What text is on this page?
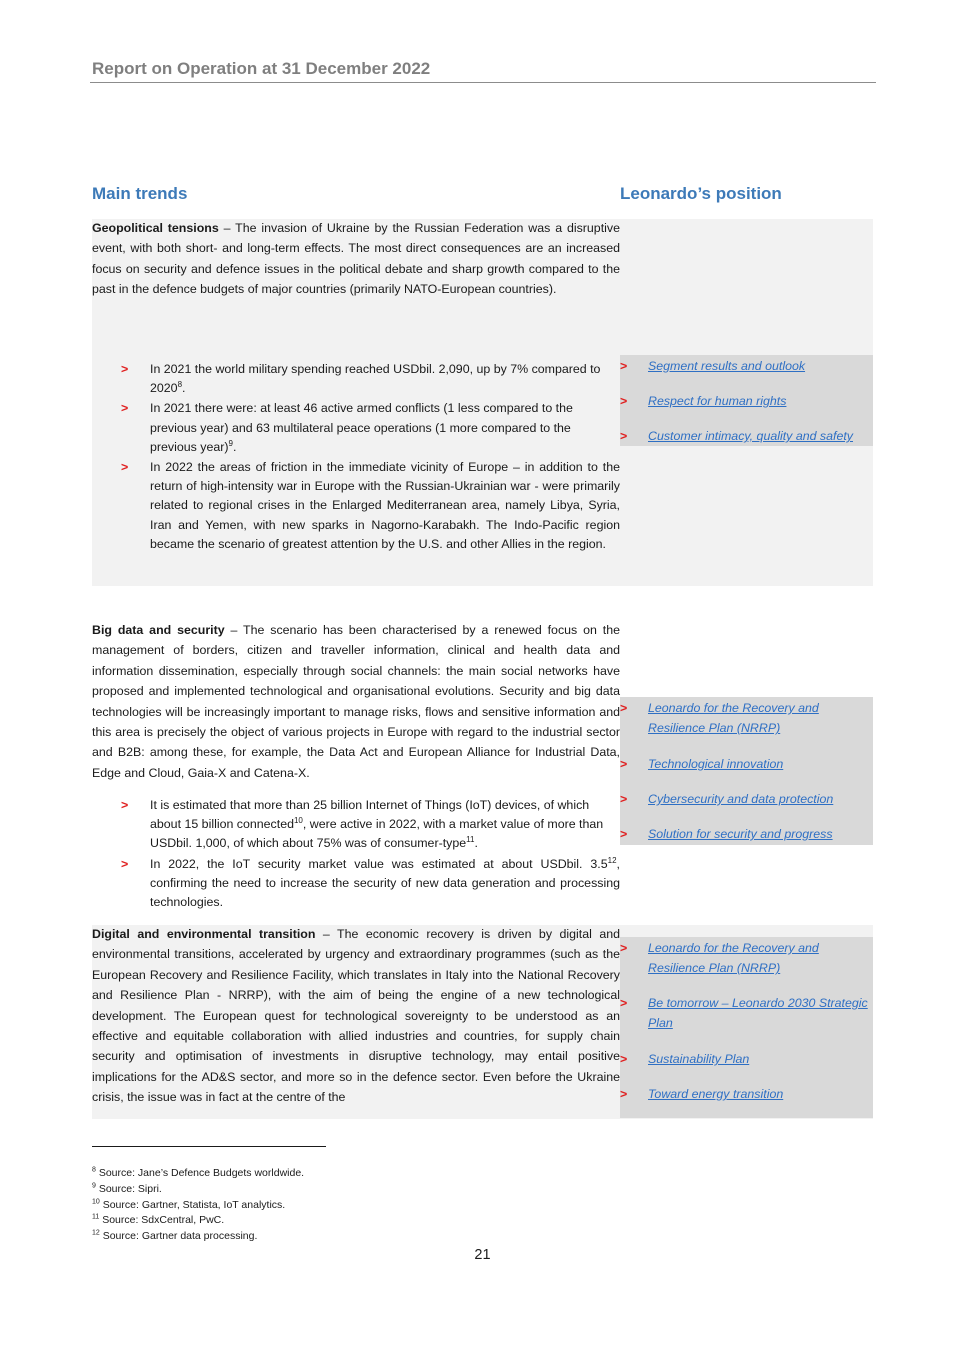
Report on Operation at 31 December 2022
Main trends	Leonardo’s position
Geopolitical tensions – The invasion of Ukraine by the Russian Federation was a disruptive event, with both short- and long-term effects. The most direct consequences are an increased focus on security and defence issues in the political debate and sharp growth compared to the past in the defence budgets of major countries (primarily NATO-European countries).
> Segment results and outlook
> Respect for human rights
> Customer intimacy, quality and safety
> In 2021 the world military spending reached USDbil. 2,090, up by 7% compared to $2020^8$.
> In 2021 there were: at least 46 active armed conflicts (1 less compared to the previous year) and 63 multilateral peace operations (1 more compared to the previous year)$^9$.
> In 2022 the areas of friction in the immediate vicinity of Europe – in addition to the return of high-intensity war in Europe with the Russian-Ukrainian war - were primarily related to regional crises in the Enlarged Mediterranean area, namely Libya, Syria, Iran and Yemen, with new sparks in Nagorno-Karabakh. The Indo-Pacific region became the scenario of greatest attention by the U.S. and other Allies in the region.
Big data and security – The scenario has been characterised by a renewed focus on the management of borders, citizen and traveller information, clinical and health data and information dissemination, especially through social channels: the main social networks have proposed and implemented technological and organisational evolutions. Security and big data technologies will be increasingly important to manage risks, flows and sensitive information and this area is precisely the object of various projects in Europe with regard to the industrial sector and B2B: among these, for example, the Data Act and European Alliance for Industrial Data, Edge and Cloud, Gaia-X and Catena-X.
> Leonardo for the Recovery and Resilience Plan (NRRP)
> Technological innovation
> Cybersecurity and data protection
> Solution for security and progress
> It is estimated that more than 25 billion Internet of Things (IoT) devices, of which about 15 billion connected$^{10}$, were active in 2022, with a market value of more than USDbil. 1,000, of which about 75% was of consumer-type$^{11}$.
> In 2022, the IoT security market value was estimated at about USDbil. $3.5^{12}$, confirming the need to increase the security of new data generation and processing technologies.
Digital and environmental transition – The economic recovery is driven by digital and environmental transitions, accelerated by urgency and extraordinary programmes (such as the European Recovery and Resilience Facility, which translates in Italy into the National Recovery and Resilience Plan - NRRP), with the aim of being the engine of a new technological development. The European quest for technological sovereignty to be understood as an effective and equitable collaboration with allied industries and countries, for supply chain security and optimisation of investments in disruptive technology, may entail positive implications for the AD&S sector, and more so in the defence sector. Even before the Ukraine crisis, the issue was in fact at the centre of the
> Leonardo for the Recovery and Resilience Plan (NRRP)
> Be tomorrow – Leonardo 2030 Strategic Plan
> Sustainability Plan
> Toward energy transition
$^8$ Source: Jane’s Defence Budgets worldwide.
$^9$ Source: Sipri.
$^{10}$ Source: Gartner, Statista, IoT analytics.
$^{11}$ Source: SdxCentral, PwC.
$^{12}$ Source: Gartner data processing.
21
